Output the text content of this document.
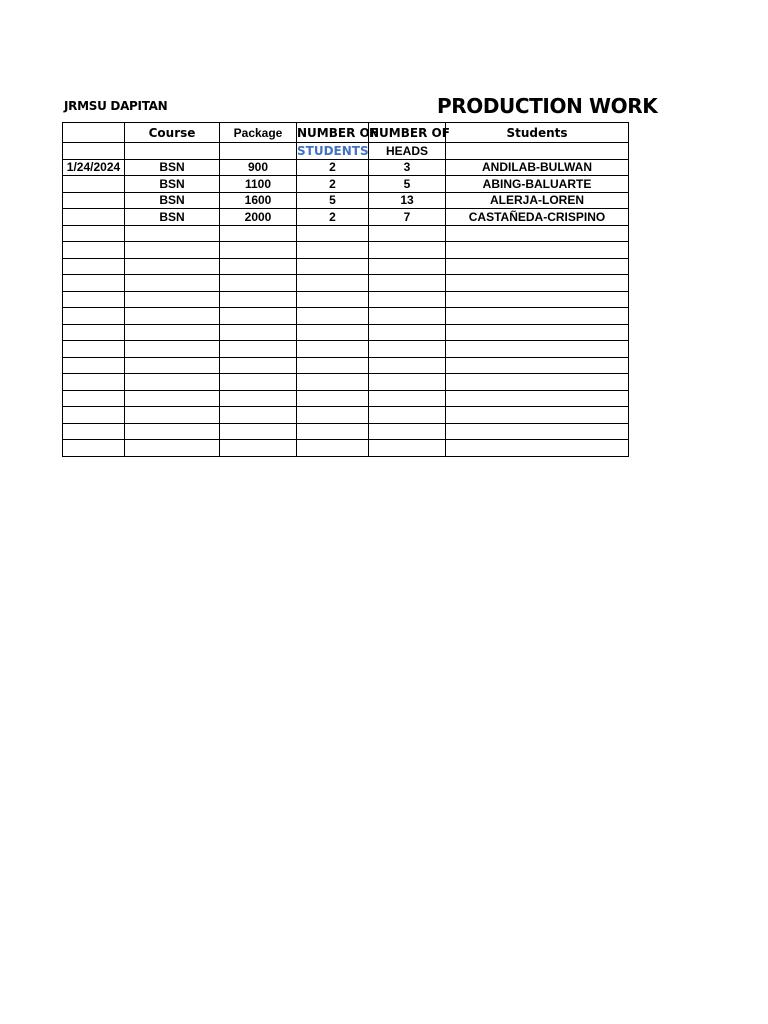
JRMSU DAPITAN	PRODUCTION WORK
	Course	Package	NUMBER OF	NUMBER OF	Students
			STUDENTS	HEADS	
1/24/2024	BSN	900	2	3	ANDILAB-BULWAN
	BSN	1100	2	5	ABING-BALUARTE
	BSN	1600	5	13	ALERJA-LOREN
	BSN	2000	2	7	CASTAÑEDA-CRISPINO
